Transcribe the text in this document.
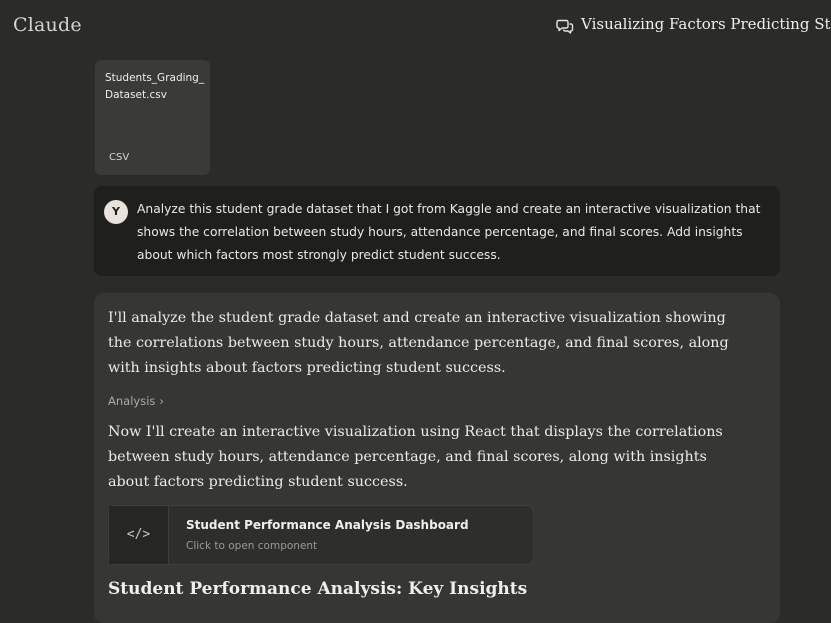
Claude	Visualizing Factors Predicting St
Students_Grading_Dataset.csv
CSV
Y	Analyze this student grade dataset that I got from Kaggle and create an interactive visualization that shows the correlation between study hours, attendance percentage, and final scores. Add insights about which factors most strongly predict student success.
I'll analyze the student grade dataset and create an interactive visualization showing the correlations between study hours, attendance percentage, and final scores, along with insights about factors predicting student success.
Analysis ›
Now I'll create an interactive visualization using React that displays the correlations between study hours, attendance percentage, and final scores, along with insights about factors predicting student success.
</>
Student Performance Analysis Dashboard
Click to open component
Student Performance Analysis: Key Insights
